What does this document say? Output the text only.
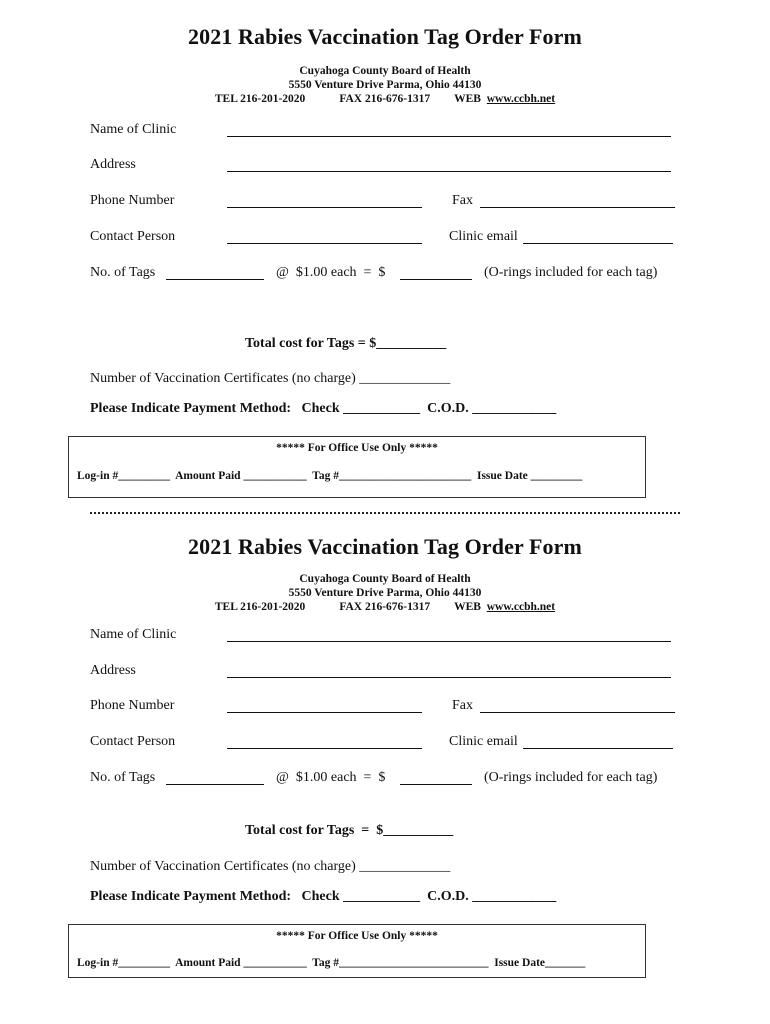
2021 Rabies Vaccination Tag Order Form
Cuyahoga County Board of Health
5550 Venture Drive Parma, Ohio 44130
TEL 216-201-2020	FAX 216-676-1317 WEB www.ccbh.net
Name of Clinic
Address
Phone Number	Fax
Contact Person	Clinic email
No. of Tags	@  $1.00 each  =  $	(O-rings included for each tag)
Total cost for Tags = $__________
Number of Vaccination Certificates (no charge) _____________
Please Indicate Payment Method:   Check ___________  C.O.D. ____________
***** For Office Use Only *****
Log-in #_________  Amount Paid ___________  Tag #_______________________  Issue Date _________
2021 Rabies Vaccination Tag Order Form
Cuyahoga County Board of Health
5550 Venture Drive Parma, Ohio 44130
TEL 216-201-2020	FAX 216-676-1317 WEB www.ccbh.net
Name of Clinic
Address
Phone Number	Fax
Contact Person	Clinic email
No. of Tags	@  $1.00 each  =  $	(O-rings included for each tag)
Total cost for Tags  =  $__________
Number of Vaccination Certificates (no charge) _____________
Please Indicate Payment Method:   Check ___________  C.O.D. ____________
***** For Office Use Only *****
Log-in #_________  Amount Paid ___________  Tag #__________________________  Issue Date_______
